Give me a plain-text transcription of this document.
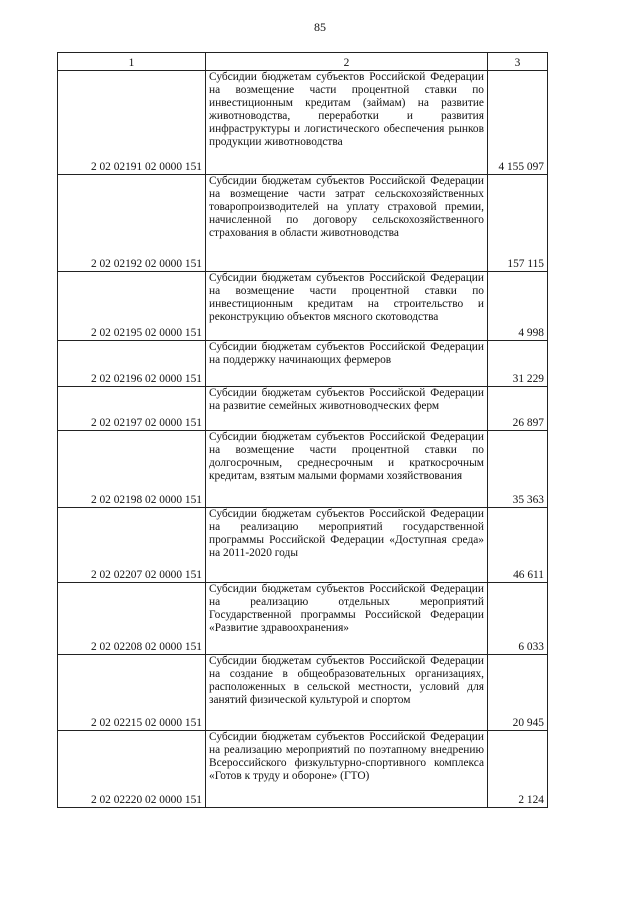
85
1	2	3
2 02 02191 02 0000 151	Субсидии бюджетам субъектов Российской Федерации на возмещение части процентной ставки по инвестиционным кредитам (займам) на развитие животноводства, переработки и развития инфраструктуры и логистического обеспечения рынков продукции животноводства	4 155 097
2 02 02192 02 0000 151	Субсидии бюджетам субъектов Российской Федерации на возмещение части затрат сельскохозяйственных товаропроизводителей на уплату страховой премии, начисленной по договору сельскохозяйственного страхования в области животноводства	157 115
2 02 02195 02 0000 151	Субсидии бюджетам субъектов Российской Федерации на возмещение части процентной ставки по инвестиционным кредитам на строительство и реконструкцию объектов мясного скотоводства	4 998
2 02 02196 02 0000 151	Субсидии бюджетам субъектов Российской Федерации на поддержку начинающих фермеров	31 229
2 02 02197 02 0000 151	Субсидии бюджетам субъектов Российской Федерации на развитие семейных животноводческих ферм	26 897
2 02 02198 02 0000 151	Субсидии бюджетам субъектов Российской Федерации на возмещение части процентной ставки по долгосрочным, среднесрочным и краткосрочным кредитам, взятым малыми формами хозяйствования	35 363
2 02 02207 02 0000 151	Субсидии бюджетам субъектов Российской Федерации на реализацию мероприятий государственной программы Российской Федерации «Доступная среда» на 2011-2020 годы	46 611
2 02 02208 02 0000 151	Субсидии бюджетам субъектов Российской Федерации на реализацию отдельных мероприятий Государственной программы Российской Федерации «Развитие здравоохранения»	6 033
2 02 02215 02 0000 151	Субсидии бюджетам субъектов Российской Федерации на создание в общеобразовательных организациях, расположенных в сельской местности, условий для занятий физической культурой и спортом	20 945
2 02 02220 02 0000 151	Субсидии бюджетам субъектов Российской Федерации на реализацию мероприятий по поэтапному внедрению Всероссийского физкультурно-спортивного комплекса «Готов к труду и обороне» (ГТО)	2 124
